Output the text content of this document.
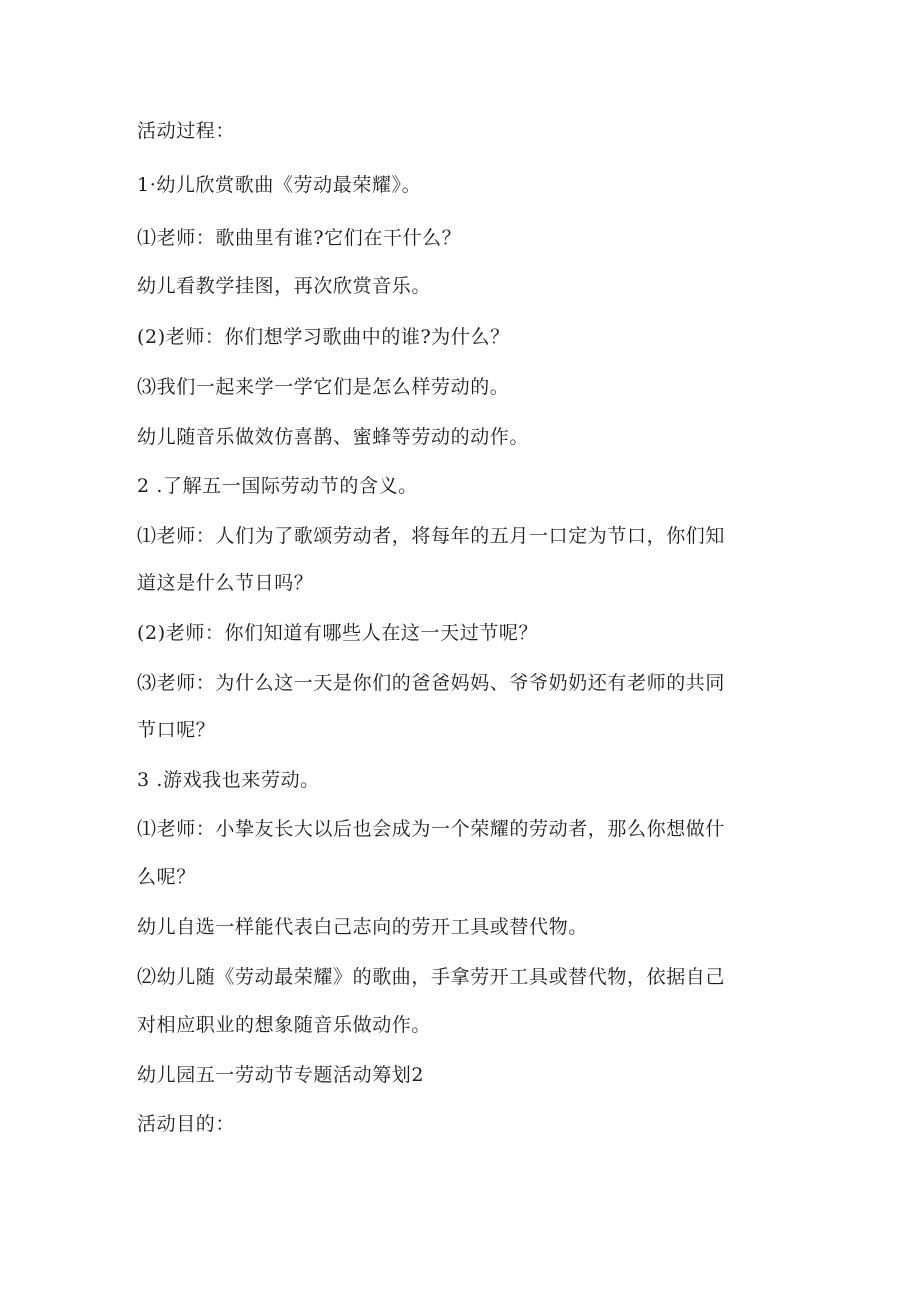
活动过程：
1·幼儿欣赏歌曲《劳动最荣耀》。
⑴老师：歌曲里有谁?它们在干什么？
幼儿看教学挂图，再次欣赏音乐。
(2)老师：你们想学习歌曲中的谁?为什么？
⑶我们一起来学一学它们是怎么样劳动的。
幼儿随音乐做效仿喜鹊、蜜蜂等劳动的动作。
2 .了解五一国际劳动节的含义。
⑴老师：人们为了歌颂劳动者，将每年的五月一口定为节口，你们知
道这是什么节日吗？
(2)老师：你们知道有哪些人在这一天过节呢？
⑶老师：为什么这一天是你们的爸爸妈妈、爷爷奶奶还有老师的共同
节口呢？
3 .游戏我也来劳动。
⑴老师：小挚友长大以后也会成为一个荣耀的劳动者，那么你想做什
么呢？
幼儿自选一样能代表白己志向的劳开工具或替代物。
⑵幼儿随《劳动最荣耀》的歌曲，手拿劳开工具或替代物，依据自己
对相应职业的想象随音乐做动作。
幼儿园五一劳动节专题活动筹划2
活动目的：
